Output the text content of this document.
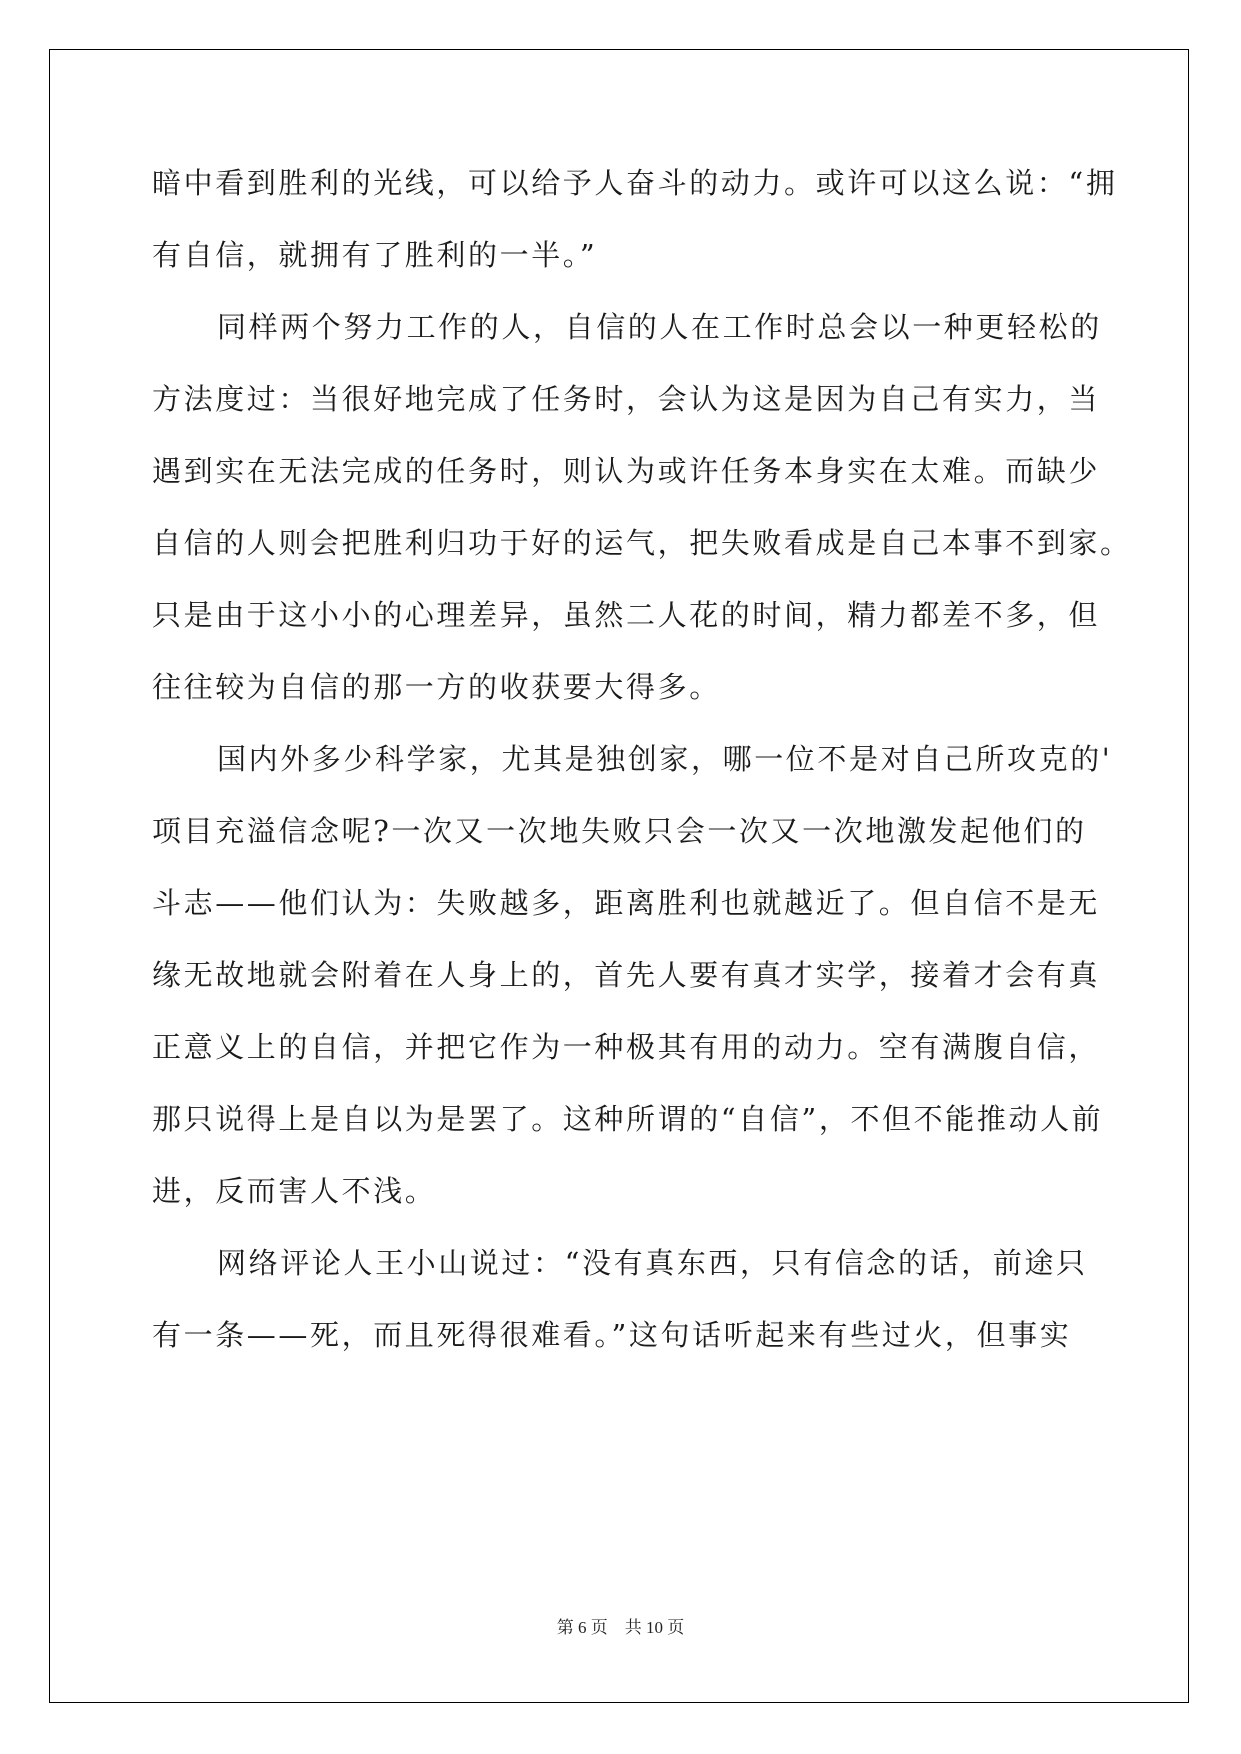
暗中看到胜利的光线，可以给予人奋斗的动力。或许可以这么说：“拥
有自信，就拥有了胜利的一半。”
同样两个努力工作的人，自信的人在工作时总会以一种更轻松的
方法度过：当很好地完成了任务时，会认为这是因为自己有实力，当
遇到实在无法完成的任务时，则认为或许任务本身实在太难。而缺少
自信的人则会把胜利归功于好的运气，把失败看成是自己本事不到家。
只是由于这小小的心理差异，虽然二人花的时间，精力都差不多，但
往往较为自信的那一方的收获要大得多。
国内外多少科学家，尤其是独创家，哪一位不是对自己所攻克的'
项目充溢信念呢?一次又一次地失败只会一次又一次地激发起他们的
斗志——他们认为：失败越多，距离胜利也就越近了。但自信不是无
缘无故地就会附着在人身上的，首先人要有真才实学，接着才会有真
正意义上的自信，并把它作为一种极其有用的动力。空有满腹自信，
那只说得上是自以为是罢了。这种所谓的“自信”，不但不能推动人前
进，反而害人不浅。
网络评论人王小山说过：“没有真东西，只有信念的话，前途只
有一条——死，而且死得很难看。”这句话听起来有些过火，但事实
第 6 页　共 10 页
